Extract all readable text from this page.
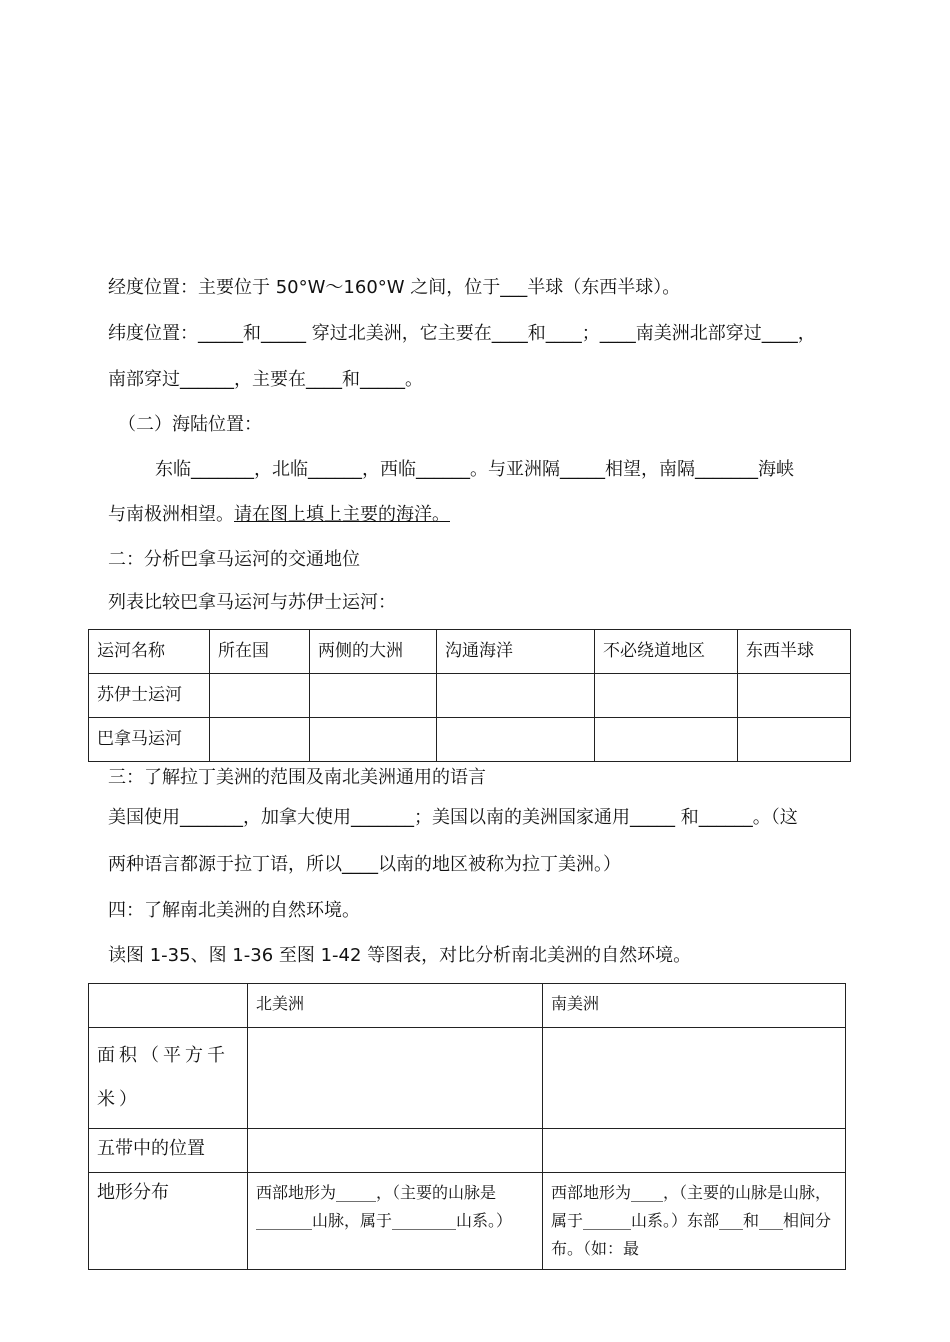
经度位置：主要位于 50°W～160°W 之间，位于___半球（东西半球）。
纬度位置：_____和_____ 穿过北美洲，它主要在____和____；____南美洲北部穿过____，
南部穿过______，主要在____和_____。
（二）海陆位置：
东临_______，北临______，西临______。与亚洲隔_____相望，南隔_______海峡
与南极洲相望。请在图上填上主要的海洋。
二：分析巴拿马运河的交通地位
列表比较巴拿马运河与苏伊士运河：
运河名称	所在国	两侧的大洲	沟通海洋	不必绕道地区	东西半球
苏伊士运河					
巴拿马运河					
三：了解拉丁美洲的范围及南北美洲通用的语言
美国使用_______，加拿大使用_______；美国以南的美洲国家通用_____ 和______。（这
两种语言都源于拉丁语，所以____以南的地区被称为拉丁美洲。）
四：了解南北美洲的自然环境。
读图 1-35、图 1-36 至图 1-42 等图表，对比分析南北美洲的自然环境。
	北美洲	南美洲
面积（平方千米）		
五带中的位置		
地形分布	西部地形为_____，（主要的山脉是_______山脉，属于________山系。）	西部地形为____，（主要的山脉是山脉，属于______山系。）东部___和___相间分布。（如：最
